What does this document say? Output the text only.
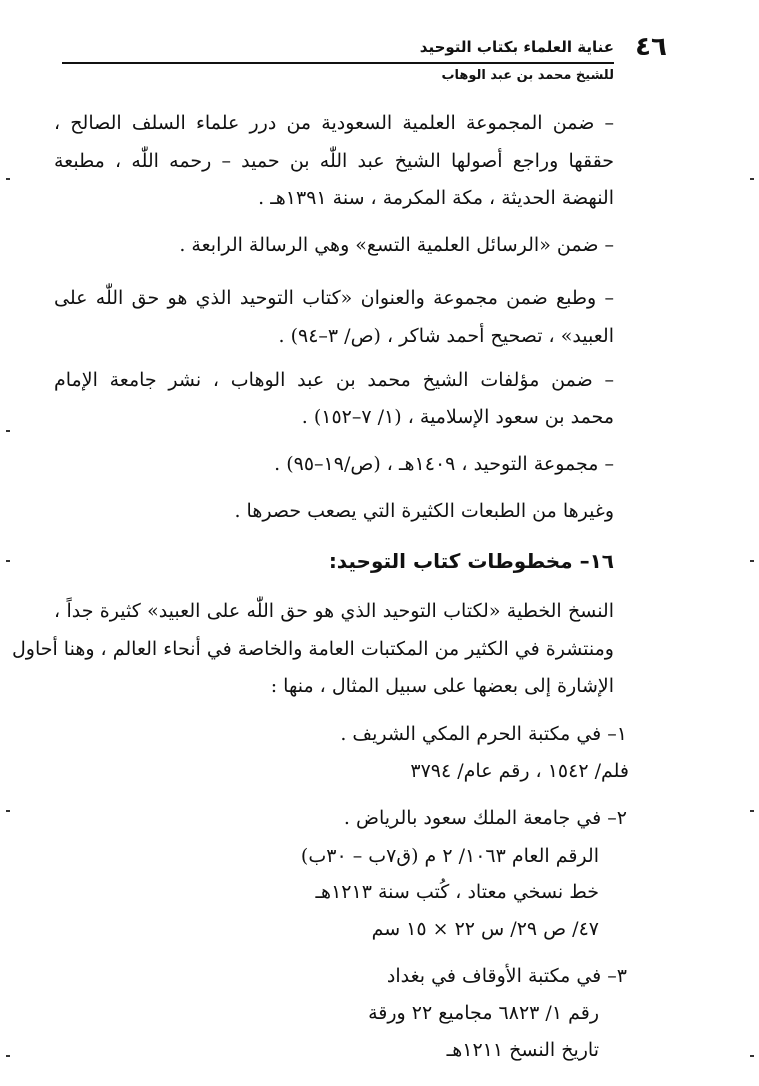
٤٦
عناية العلماء بكتاب التوحيد
للشيخ محمد بن عبد الوهاب
– ضمن المجموعة العلمية السعودية من درر علماء السلف الصالح ،
حققها وراجع أصولها الشيخ عبد اللّٰه بن حميد – رحمه اللّٰه ، مطبعة
النهضة الحديثة ، مكة المكرمة ، سنة ١٣٩١هـ .
– ضمن «الرسائل العلمية التسع» وهي الرسالة الرابعة .
– وطبع ضمن مجموعة والعنوان «كتاب التوحيد الذي هو حق اللّٰه على
العبيد» ، تصحيح أحمد شاكر ، (ص/ ٣–٩٤) .
– ضمن مؤلفات الشيخ محمد بن عبد الوهاب ، نشر جامعة الإمام
محمد بن سعود الإسلامية ، (١/ ٧–١٥٢) .
– مجموعة التوحيد ، ١٤٠٩هـ ، (ص/١٩–٩٥) .
وغيرها من الطبعات الكثيرة التي يصعب حصرها .
١٦– مخطوطات كتاب التوحيد:
النسخ الخطية «لكتاب التوحيد الذي هو حق اللّٰه على العبيد» كثيرة جداً ،
ومنتشرة في الكثير من المكتبات العامة والخاصة في أنحاء العالم ، وهنا أحاول
الإشارة إلى بعضها على سبيل المثال ، منها :
١– في مكتبة الحرم المكي الشريف .
فلم/ ١٥٤٢ ، رقم عام/ ٣٧٩٤
٢– في جامعة الملك سعود بالرياض .
الرقم العام ١٠٦٣/ ٢ م (ق٧ب – ٣٠ب)
خط نسخي معتاد ، كُتب سنة ١٢١٣هـ
٤٧/ ص ٢٩/ س ٢٢ × ١٥ سم
٣– في مكتبة الأوقاف في بغداد
رقم ١/ ٦٨٢٣ مجاميع ٢٢ ورقة
تاريخ النسخ ١٢١١هـ
